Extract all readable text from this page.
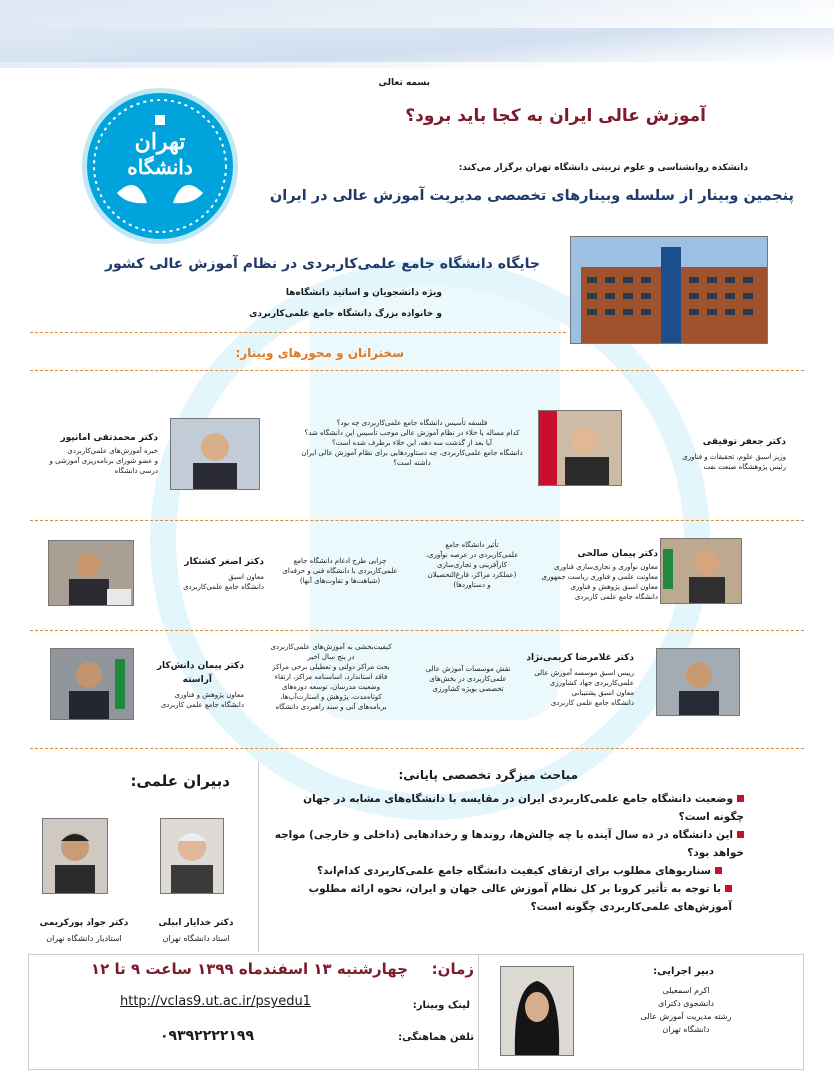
تهران
دانشگاه
بسمه تعالی
آموزش عالی ایران به کجا باید برود؟
دانشکده روانشناسی و علوم تربیتی دانشگاه تهران برگزار می‌کند:
پنجمین وبینار از سلسله وبینارهای تخصصی مدیریت آموزش عالی در ایران
جایگاه دانشگاه جامع علمی‌کاربردی در نظام آموزش عالی کشور
ویژه دانشجویان و اساتید دانشگاه‌ها
و خانواده بزرگ دانشگاه جامع علمی‌کاربردی
سخنرانان و محورهای وبینار:
دکتر جعفر توفیقی
وزیر اسبق علوم، تحقیقات و فناوری
رئیس پژوهشگاه صنعت نفت
فلسفه تأسیس دانشگاه جامع علمی‌کاربردی چه بود؟
کدام مساله یا خلاء در نظام آموزش عالی موجب تأسیس این دانشگاه شد؟
آیا بعد از گذشت سه دهه، این خلاء برطرف شده است؟
دانشگاه جامع علمی‌کاربردی، چه دستاوردهایی برای نظام آموزش عالی ایران
داشته است؟
دکتر محمدتقی امانپور
خبره آموزش‌های علمی‌کاربردی
و عضو شورای برنامه‌ریزی آموزشی و
درسی دانشگاه
دکتر پیمان صالحی
معاون نوآوری و تجاری‌سازی فناوری
معاونت علمی و فناوری ریاست جمهوری
معاون اسبق پژوهش و فناوری
دانشگاه جامع علمی کاربردی
تأثیر دانشگاه جامع
علمی‌کاربردی در عرصه نوآوری،
کارآفرینی و تجاری‌سازی
(عملکرد مراکز، فارغ‌التحصیلان
و دستاوردها)
چرایی طرح ادغام دانشگاه جامع
علمی‌کاربردی با دانشگاه فنی و حرفه‌ای
(شباهت‌ها و تفاوت‌های آنها)
دکتر اصغر کشتکار
معاون اسبق
دانشگاه جامع علمی‌کاربردی
دکتر غلامرضا کریمی‌نژاد
رییس اسبق موسسه آموزش عالی
علمی‌کاربردی جهاد کشاورزی
معاون اسبق پشتیبانی
دانشگاه جامع علمی کاربردی
نقش موسسات آموزش عالی
علمی‌کاربردی در بخش‌های
تخصصی بویژه کشاورزی
کیفیت‌بخشی به آموزش‌های علمی‌کاربردی
در پنج سال اخیر
بحث مراکز دولتی و تعطیلی برخی مراکز
فاقد استاندارد، اساسنامه مراکز، ارتقاء
وضعیت مدرسان، توسعه دوره‌های
کوتاه‌مدت، پژوهش و استارت‌آپ‌ها،
برنامه‌های آتی و سند راهبردی دانشگاه
دکتر پیمان دانش‌کار
آراسته
معاون پژوهش و فناوری
دانشگاه جامع علمی کاربردی
دبیران علمی:
دکتر خدایار ابیلی
استاد دانشگاه تهران
دکتر جواد پورکریمی
استادیار دانشگاه تهران
مباحث میزگرد تخصصی پایانی:
وضعیت دانشگاه جامع علمی‌کاربردی ایران در مقایسه با دانشگاه‌های مشابه در جهان چگونه است؟
این دانشگاه در ده سال آینده با چه چالش‌ها، روندها و رخدادهایی (داخلی و خارجی) مواجه خواهد بود؟
سناریوهای مطلوب برای ارتقای کیفیت دانشگاه جامع علمی‌کاربردی کدام‌اند؟
با توجه به تأثیر کرونا بر کل نظام آموزش عالی جهان و ایران، نحوه ارائه مطلوب آموزش‌های علمی‌کاربردی چگونه است؟
زمان:
چهارشنبه ۱۳ اسفندماه ۱۳۹۹ ساعت ۹ تا ۱۲
لینک وبینار:
http://vclas9.ut.ac.ir/psyedu1
تلفن هماهنگی:
۰۹۳۹۲۲۲۲۱۹۹
دبیر اجرایی:
اکرم اسمعیلی
دانشجوی دکترای
رشته مدیریت آموزش عالی
دانشگاه تهران
